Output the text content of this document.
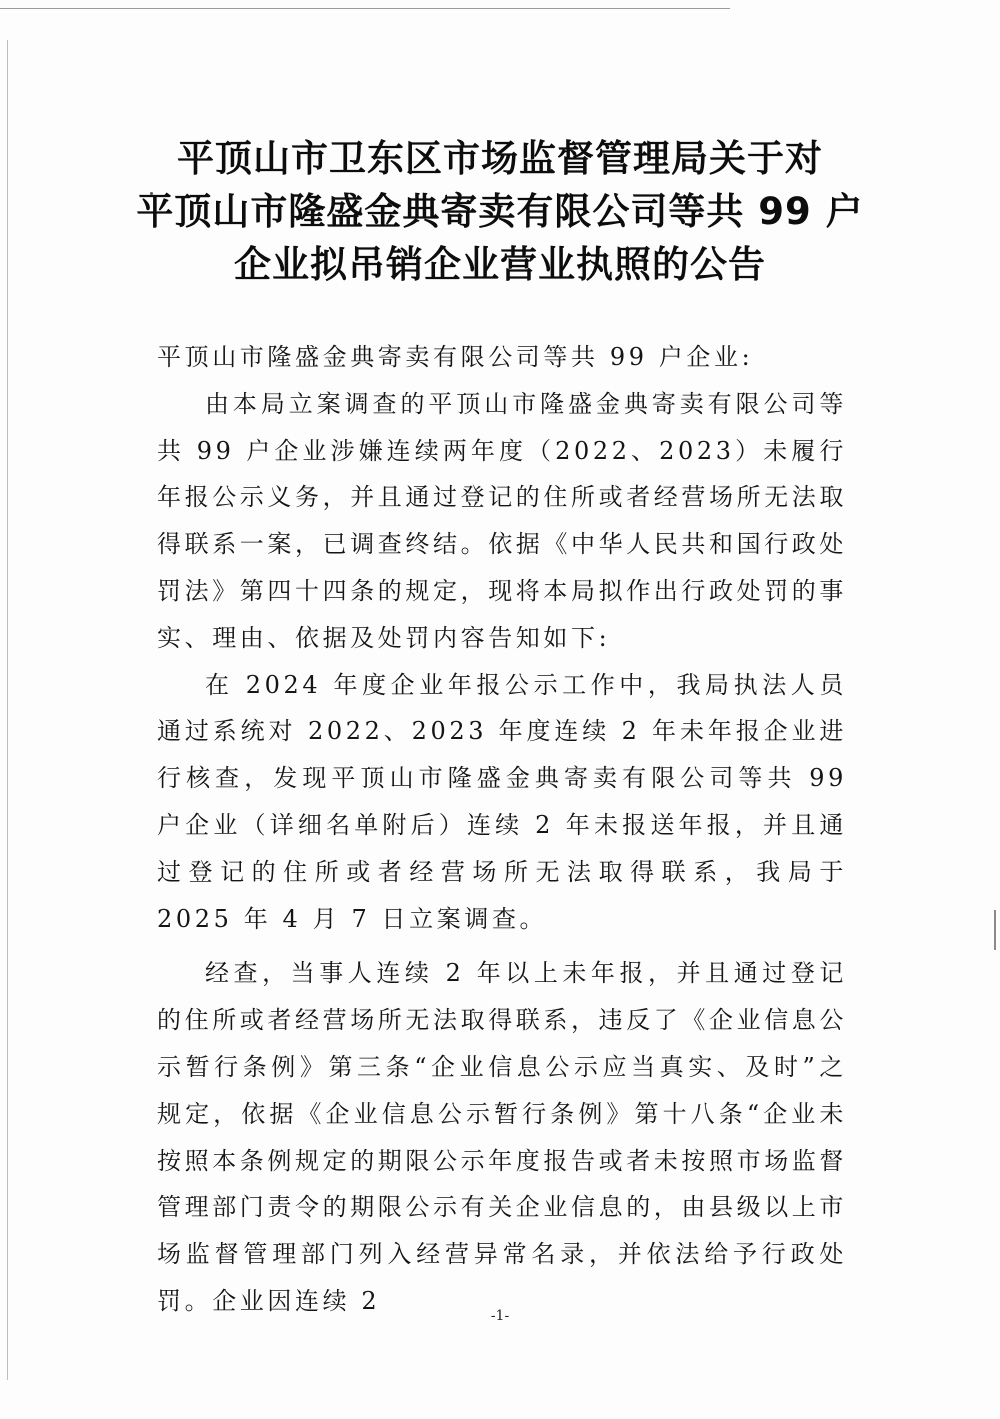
平顶山市卫东区市场监督管理局关于对
平顶山市隆盛金典寄卖有限公司等共 99 户
企业拟吊销企业营业执照的公告

平顶山市隆盛金典寄卖有限公司等共 99 户企业:

由本局立案调查的平顶山市隆盛金典寄卖有限公司等共 99 户企业涉嫌连续两年度（2022、2023）未履行年报公示义务，并且通过登记的住所或者经营场所无法取得联系一案，已调查终结。依据《中华人民共和国行政处罚法》第四十四条的规定，现将本局拟作出行政处罚的事实、理由、依据及处罚内容告知如下:

在 2024 年度企业年报公示工作中，我局执法人员通过系统对 2022、2023 年度连续 2 年未年报企业进行核查，发现平顶山市隆盛金典寄卖有限公司等共 99 户企业（详细名单附后）连续 2 年未报送年报，并且通过登记的住所或者经营场所无法取得联系，我局于 2025 年 4 月 7 日立案调查。

经查，当事人连续 2 年以上未年报，并且通过登记的住所或者经营场所无法取得联系，违反了《企业信息公示暂行条例》第三条“企业信息公示应当真实、及时”之规定，依据《企业信息公示暂行条例》第十八条“企业未按照本条例规定的期限公示年度报告或者未按照市场监督管理部门责令的期限公示有关企业信息的，由县级以上市场监督管理部门列入经营异常名录，并依法给予行政处罚。企业因连续 2

-1-
